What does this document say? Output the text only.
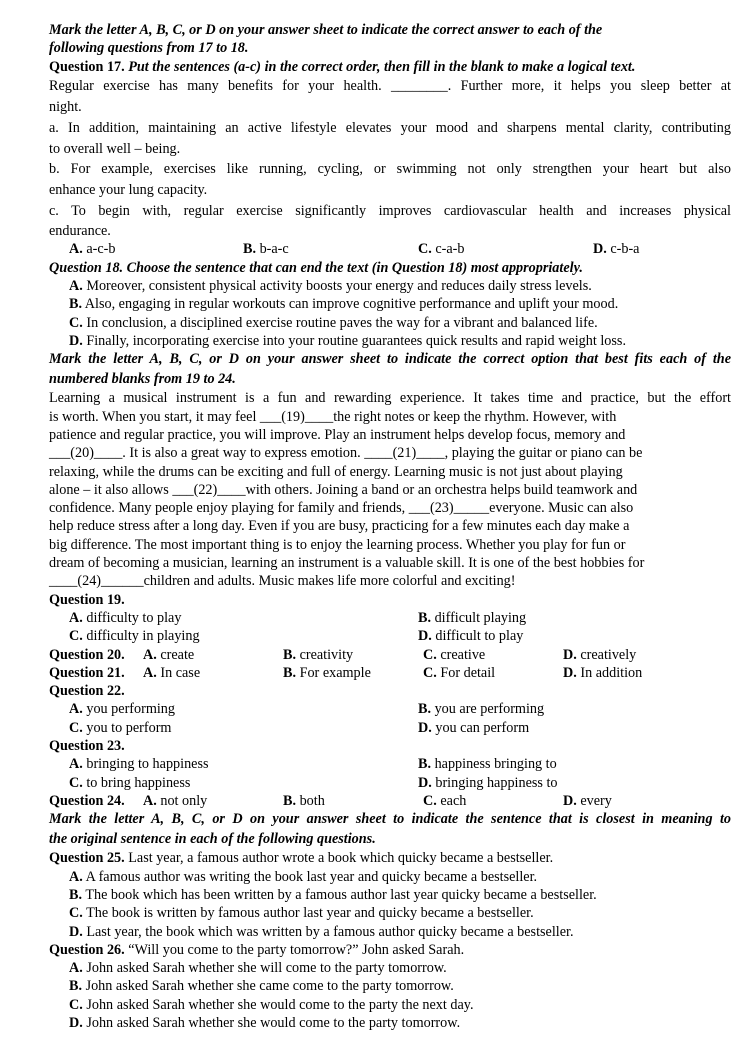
Mark the letter A, B, C, or D on your answer sheet to indicate the correct answer to each of the
following questions from 17 to 18.
Question 17. Put the sentences (a-c) in the correct order, then fill in the blank to make a logical text.
Regular exercise has many benefits for your health. ________. Further more, it helps you sleep better at
night.
a. In addition, maintaining an active lifestyle elevates your mood and sharpens mental clarity, contributing
to overall well – being.
b. For example, exercises like running, cycling, or swimming not only strengthen your heart but also
enhance your lung capacity.
c. To begin with, regular exercise significantly improves cardiovascular health and increases physical
endurance.
A. a-c-b	B. b-a-c	C. c-a-b	D. c-b-a
Question 18. Choose the sentence that can end the text (in Question 18) most appropriately.
A. Moreover, consistent physical activity boosts your energy and reduces daily stress levels.
B. Also, engaging in regular workouts can improve cognitive performance and uplift your mood.
C. In conclusion, a disciplined exercise routine paves the way for a vibrant and balanced life.
D. Finally, incorporating exercise into your routine guarantees quick results and rapid weight loss.
Mark the letter A, B, C, or D on your answer sheet to indicate the correct option that best fits each of the
numbered blanks from 19 to 24.
Learning a musical instrument is a fun and rewarding experience. It takes time and practice, but the effort
is worth. When you start, it may feel ___(19)____the right notes or keep the rhythm. However, with
patience and regular practice, you will improve. Play an instrument helps develop focus, memory and
___(20)____. It is also a great way to express emotion. ____(21)____, playing the guitar or piano can be
relaxing, while the drums can be exciting and full of energy. Learning music is not just about playing
alone – it also allows ___(22)____with others. Joining a band or an orchestra helps build teamwork and
confidence. Many people enjoy playing for family and friends, ___(23)_____everyone. Music can also
help reduce stress after a long day. Even if you are busy, practicing for a few minutes each day make a
big difference. The most important thing is to enjoy the learning process. Whether you play for fun or
dream of becoming a musician, learning an instrument is a valuable skill. It is one of the best hobbies for
____(24)______children and adults. Music makes life more colorful and exciting!
Question 19.
A. difficulty to play	B. difficult playing
C. difficulty in playing	D. difficult to play
Question 20.	A. create	B. creativity	C. creative	D. creatively
Question 21.	A. In case	B. For example	C. For detail	D. In addition
Question 22.
A. you performing	B. you are performing
C. you to perform	D. you can perform
Question 23.
A. bringing to happiness	B. happiness bringing to
C. to bring happiness	D. bringing happiness to
Question 24.	A. not only	B. both	C. each	D. every
Mark the letter A, B, C, or D on your answer sheet to indicate the sentence that is closest in meaning to
the original sentence in each of the following questions.
Question 25. Last year, a famous author wrote a book which quicky became a bestseller.
A. A famous author was writing the book last year and quicky became a bestseller.
B. The book which has been written by a famous author last year quicky became a bestseller.
C. The book is written by famous author last year and quicky became a bestseller.
D. Last year, the book which was written by a famous author quicky became a bestseller.
Question 26. “Will you come to the party tomorrow?” John asked Sarah.
A. John asked Sarah whether she will come to the party tomorrow.
B. John asked Sarah whether she came come to the party tomorrow.
C. John asked Sarah whether she would come to the party the next day.
D. John asked Sarah whether she would come to the party tomorrow.
